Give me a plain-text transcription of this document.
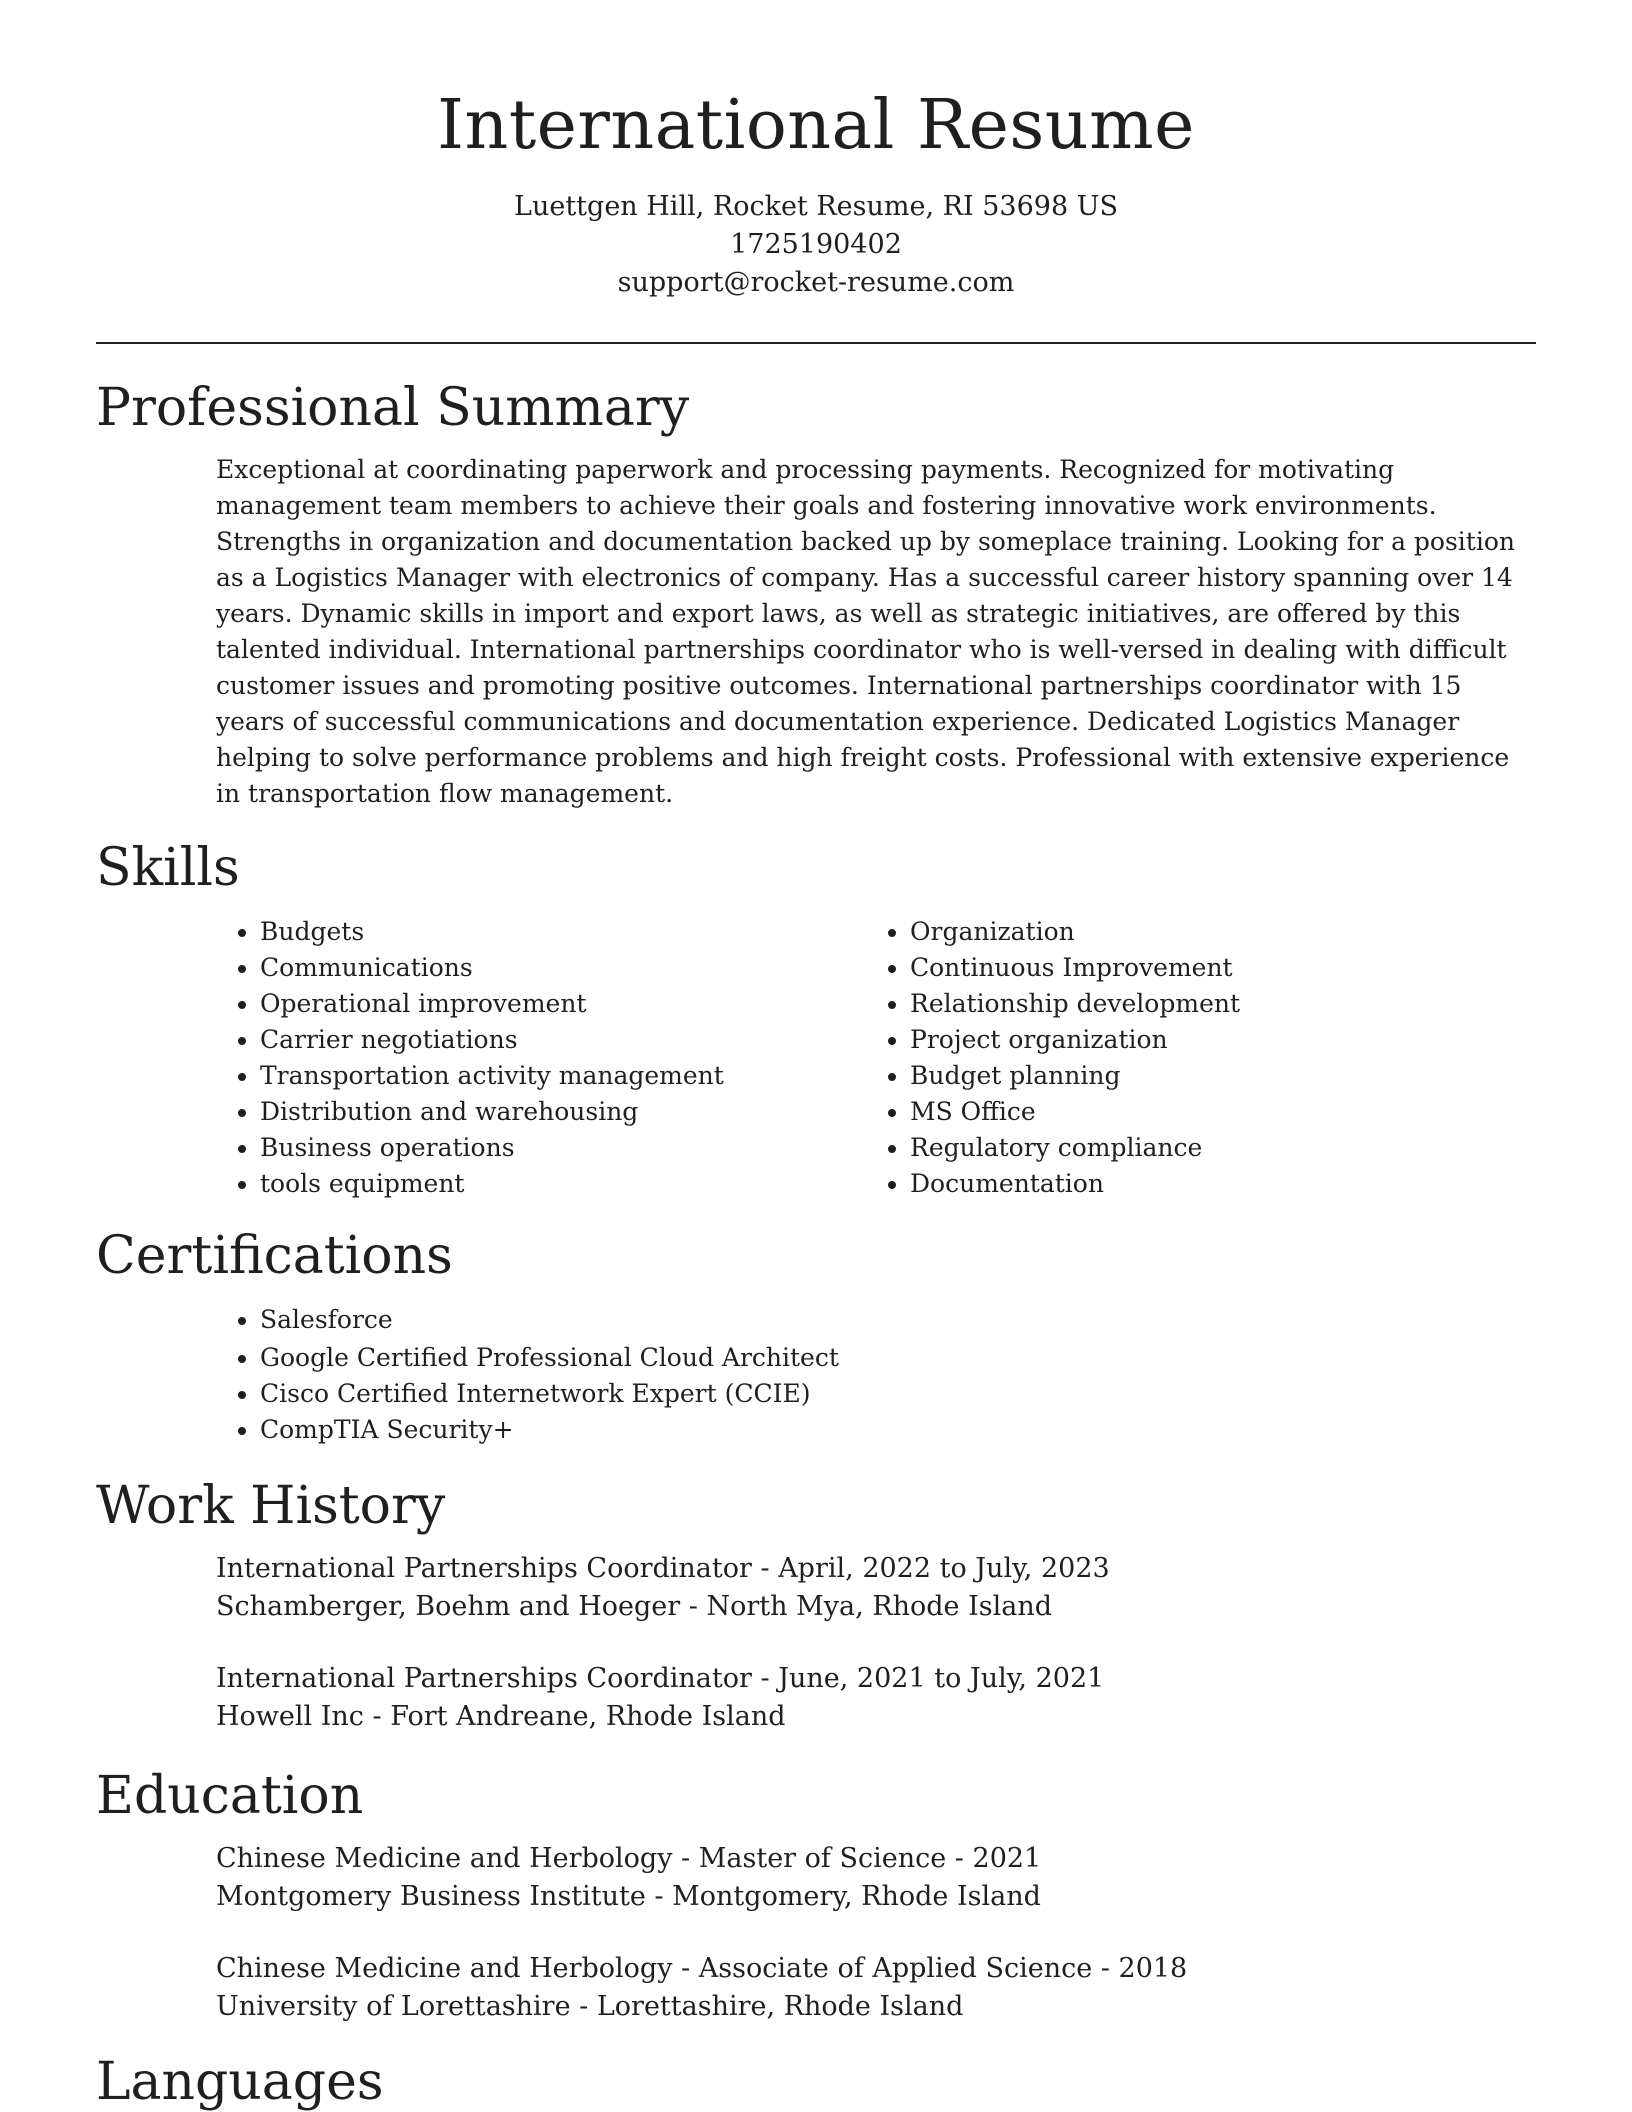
International Resume

Luettgen Hill, Rocket Resume, RI 53698 US

1725190402

support@rocket-resume.com

Professional Summary

Exceptional at coordinating paperwork and processing payments. Recognized for motivating management team members to achieve their goals and fostering innovative work environments. Strengths in organization and documentation backed up by someplace training. Looking for a position as a Logistics Manager with electronics of company. Has a successful career history spanning over 14 years. Dynamic skills in import and export laws, as well as strategic initiatives, are offered by this talented individual. International partnerships coordinator who is well-versed in dealing with difficult customer issues and promoting positive outcomes. International partnerships coordinator with 15 years of successful communications and documentation experience. Dedicated Logistics Manager helping to solve performance problems and high freight costs. Professional with extensive experience in transportation flow management.

Skills
• Budgets
• Communications
• Operational improvement
• Carrier negotiations
• Transportation activity management
• Distribution and warehousing
• Business operations
• tools equipment
• Organization
• Continuous Improvement
• Relationship development
• Project organization
• Budget planning
• MS Office
• Regulatory compliance
• Documentation
Certifications
• Salesforce
• Google Certified Professional Cloud Architect
• Cisco Certified Internetwork Expert (CCIE)
• CompTIA Security+
Work History
International Partnerships Coordinator - April, 2022 to July, 2023
Schamberger, Boehm and Hoeger - North Mya, Rhode Island
International Partnerships Coordinator - June, 2021 to July, 2021
Howell Inc - Fort Andreane, Rhode Island
Education
Chinese Medicine and Herbology - Master of Science - 2021
Montgomery Business Institute - Montgomery, Rhode Island
Chinese Medicine and Herbology - Associate of Applied Science - 2018
University of Lorettashire - Lorettashire, Rhode Island
Languages
